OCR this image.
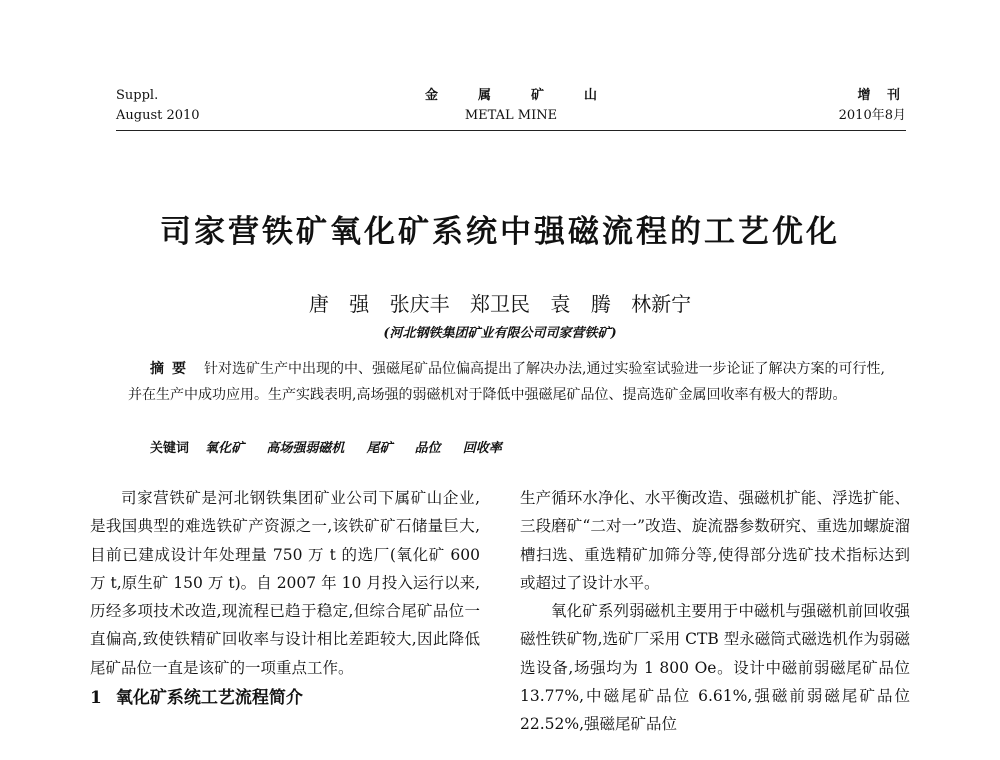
Suppl.
August 2010
金属矿山
METAL MINE
增 刊
2010年8月
司家营铁矿氧化矿系统中强磁流程的工艺优化
唐 强 张庆丰 郑卫民 袁 腾 林新宁
(河北钢铁集团矿业有限公司司家营铁矿)
摘要 针对选矿生产中出现的中、强磁尾矿品位偏高提出了解决办法,通过实验室试验进一步论证了解决方案的可行性,并在生产中成功应用。生产实践表明,高场强的弱磁机对于降低中强磁尾矿品位、提高选矿金属回收率有极大的帮助。
关键词 氧化矿 高场强弱磁机 尾矿 品位 回收率

司家营铁矿是河北钢铁集团矿业公司下属矿山企业,是我国典型的难选铁矿产资源之一,该铁矿矿石储量巨大,目前已建成设计年处理量 750 万 t 的选厂(氧化矿 600 万 t,原生矿 150 万 t)。自 2007 年 10 月投入运行以来,历经多项技术改造,现流程已趋于稳定,但综合尾矿品位一直偏高,致使铁精矿回收率与设计相比差距较大,因此降低尾矿品位一直是该矿的一项重点工作。

1 氧化矿系统工艺流程简介

生产循环水净化、水平衡改造、强磁机扩能、浮选扩能、三段磨矿“二对一”改造、旋流器参数研究、重选加螺旋溜槽扫选、重选精矿加筛分等,使得部分选矿技术指标达到或超过了设计水平。

氧化矿系列弱磁机主要用于中磁机与强磁机前回收强磁性铁矿物,选矿厂采用 CTB 型永磁筒式磁选机作为弱磁选设备,场强均为 1 800 Oe。设计中磁前弱磁尾矿品位 13.77%,中磁尾矿品位 6.61%,强磁前弱磁尾矿品位 22.52%,强磁尾矿品位
